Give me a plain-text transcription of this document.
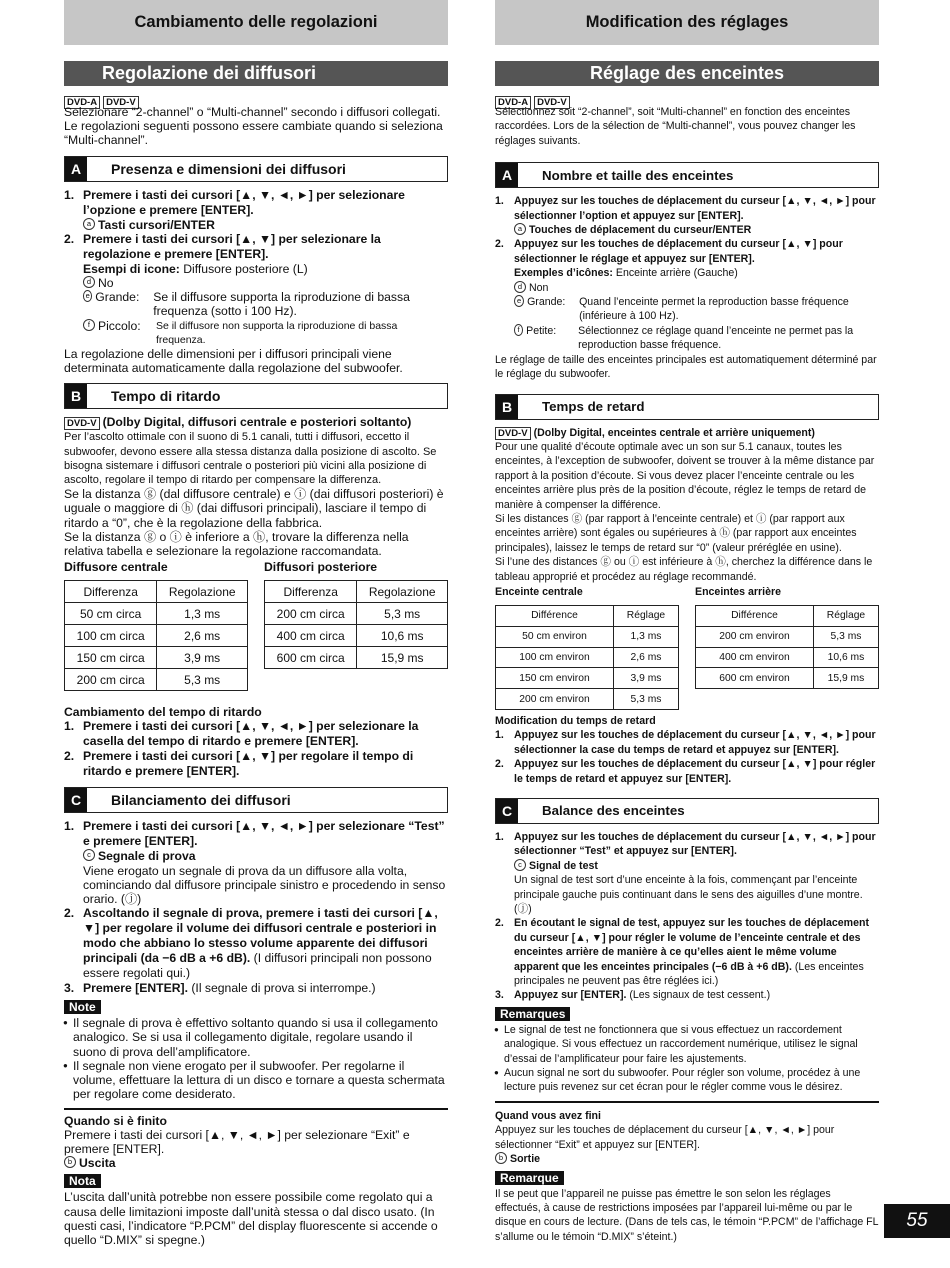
Cambiamento delle regolazioni
Regolazione dei diffusori
DVD-A DVD-V

Selezionare “2-channel” o “Multi-channel” secondo i diffusori collegati. Le regolazioni seguenti possono essere cambiate quando si seleziona “Multi-channel”.

A	Presenza e dimensioni dei diffusori
1. Premere i tasti dei cursori [▲, ▼, ◄, ►] per selezionare l’opzione e premere [ENTER].
a Tasti cursori/ENTER
2. Premere i tasti dei cursori [▲, ▼] per selezionare la regolazione e premere [ENTER].
Esempi di icone:
Diffusore posteriore (L)
d No
e Grande:	Se il diffusore supporta la riproduzione di bassa frequenza (sotto i 100 Hz).
f Piccolo:	Se il diffusore non supporta la riproduzione di bassa frequenza.

La regolazione delle dimensioni per i diffusori principali viene determinata automaticamente dalla regolazione del subwoofer.

B	Tempo di ritardo

DVD-V (Dolby Digital, diffusori centrale e posteriori soltanto)

Per l’ascolto ottimale con il suono di 5.1 canali, tutti i diffusori, eccetto il subwoofer, devono essere alla stessa distanza dalla posizione di ascolto. Se bisogna sistemare i diffusori centrale o posteriori più vicini alla posizione di ascolto, regolare il tempo di ritardo per compensare la differenza.

Se la distanza ⓖ (dal diffusore centrale) e ⓘ (dai diffusori posteriori) è uguale o maggiore di ⓗ (dai diffusori principali), lasciare il tempo di ritardo a “0”, che è la regolazione della fabbrica.

Se la distanza ⓖ o ⓘ è inferiore a ⓗ, trovare la differenza nella relativa tabella e selezionare la regolazione raccomandata.

Diffusore centrale
Differenza	Regolazione
50 cm circa	1,3 ms
100 cm circa	2,6 ms
150 cm circa	3,9 ms
200 cm circa	5,3 ms
Diffusori posteriore
Differenza	Regolazione
200 cm circa	5,3 ms
400 cm circa	10,6 ms
600 cm circa	15,9 ms

Cambiamento del tempo di ritardo

1. Premere i tasti dei cursori [▲, ▼, ◄, ►] per selezionare la casella del tempo di ritardo e premere [ENTER].
2. Premere i tasti dei cursori [▲, ▼] per regolare il tempo di ritardo e premere [ENTER].
C	Bilanciamento dei diffusori
1. Premere i tasti dei cursori [▲, ▼, ◄, ►] per selezionare “Test” e premere [ENTER].
c Segnale di prova
Viene erogato un segnale di prova da un diffusore alla volta, cominciando dal diffusore principale sinistro e procedendo in senso orario. (ⓙ)
2. Ascoltando il segnale di prova, premere i tasti dei cursori [▲, ▼] per regolare il volume dei diffusori centrale e posteriori in modo che abbiano lo stesso volume apparente dei diffusori principali (da −6 dB a +6 dB). (I diffusori principali non possono essere regolati qui.)
3. Premere [ENTER]. (Il segnale di prova si interrompe.)
Note
● Il segnale di prova è effettivo soltanto quando si usa il collegamento analogico. Se si usa il collegamento digitale, regolare usando il suono di prova dell’amplificatore.
● Il segnale non viene erogato per il subwoofer. Per regolarne il volume, effettuare la lettura di un disco e tornare a questa schermata per regolare come desiderato.

Quando si è finito

Premere i tasti dei cursori [▲, ▼, ◄, ►] per selezionare “Exit” e premere [ENTER].

b Uscita
Nota

L’uscita dall’unità potrebbe non essere possibile come regolato qui a causa delle limitazioni imposte dall’unità stessa o dal disco usato. (In questi casi, l’indicatore “P.PCM” del display fluorescente si accende o quello “D.MIX” si spegne.)

Modification des réglages
Réglage des enceintes
DVD-A DVD-V

Sélectionnez soit “2-channel”, soit “Multi-channel” en fonction des enceintes raccordées. Lors de la sélection de “Multi-channel”, vous pouvez changer les réglages suivants.

A	Nombre et taille des enceintes
1. Appuyez sur les touches de déplacement du curseur [▲, ▼, ◄, ►] pour sélectionner l’option et appuyez sur [ENTER].
a Touches de déplacement du curseur/ENTER
2. Appuyez sur les touches de déplacement du curseur [▲, ▼] pour sélectionner le réglage et appuyez sur [ENTER].
Exemples d’icônes:
Enceinte arrière (Gauche)
d Non
e Grande:	Quand l’enceinte permet la reproduction basse fréquence (inférieure à 100 Hz).
f Petite:	Sélectionnez ce réglage quand l’enceinte ne permet pas la reproduction basse fréquence.

Le réglage de taille des enceintes principales est automatiquement déterminé par le réglage du subwoofer.

B	Temps de retard

DVD-V (Dolby Digital, enceintes centrale et arrière uniquement)

Pour une qualité d’écoute optimale avec un son sur 5.1 canaux, toutes les enceintes, à l’exception de subwoofer, doivent se trouver à la même distance par rapport à la position d’écoute. Si vous devez placer l’enceinte centrale ou les enceintes arrière plus près de la position d’écoute, réglez le temps de retard de manière à compenser la différence.

Si les distances ⓖ (par rapport à l’enceinte centrale) et ⓘ (par rapport aux enceintes arrière) sont égales ou supérieures à ⓗ (par rapport aux enceintes principales), laissez le temps de retard sur “0” (valeur préréglée en usine).

Si l’une des distances ⓖ ou ⓘ est inférieure à ⓗ, cherchez la différence dans le tableau approprié et procédez au réglage recommandé.

Enceinte centrale
Différence	Réglage
50 cm environ	1,3 ms
100 cm environ	2,6 ms
150 cm environ	3,9 ms
200 cm environ	5,3 ms
Enceintes arrière
Différence	Réglage
200 cm environ	5,3 ms
400 cm environ	10,6 ms
600 cm environ	15,9 ms

Modification du temps de retard

1. Appuyez sur les touches de déplacement du curseur [▲, ▼, ◄, ►] pour sélectionner la case du temps de retard et appuyez sur [ENTER].
2. Appuyez sur les touches de déplacement du curseur [▲, ▼] pour régler le temps de retard et appuyez sur [ENTER].
C	Balance des enceintes
1. Appuyez sur les touches de déplacement du curseur [▲, ▼, ◄, ►] pour sélectionner “Test” et appuyez sur [ENTER].
c Signal de test
Un signal de test sort d’une enceinte à la fois, commençant par l’enceinte principale gauche puis continuant dans le sens des aiguilles d’une montre. (ⓙ)
2. En écoutant le signal de test, appuyez sur les touches de déplacement du curseur [▲, ▼] pour régler le volume de l’enceinte centrale et des enceintes arrière de manière à ce qu’elles aient le même volume apparent que les enceintes principales (−6 dB à +6 dB). (Les enceintes principales ne peuvent pas être réglées ici.)
3. Appuyez sur [ENTER]. (Les signaux de test cessent.)
Remarques
● Le signal de test ne fonctionnera que si vous effectuez un raccordement analogique. Si vous effectuez un raccordement numérique, utilisez le signal d’essai de l’amplificateur pour faire les ajustements.
● Aucun signal ne sort du subwoofer. Pour régler son volume, procédez à une lecture puis revenez sur cet écran pour le régler comme vous le désirez.

Quand vous avez fini

Appuyez sur les touches de déplacement du curseur [▲, ▼, ◄, ►] pour sélectionner “Exit” et appuyez sur [ENTER].

b Sortie
Remarque

Il se peut que l’appareil ne puisse pas émettre le son selon les réglages effectués, à cause de restrictions imposées par l’appareil lui-même ou par le disque en cours de lecture. (Dans de tels cas, le témoin “P.PCM” de l’affichage FL s’allume ou le témoin “D.MIX” s’éteint.)

55
